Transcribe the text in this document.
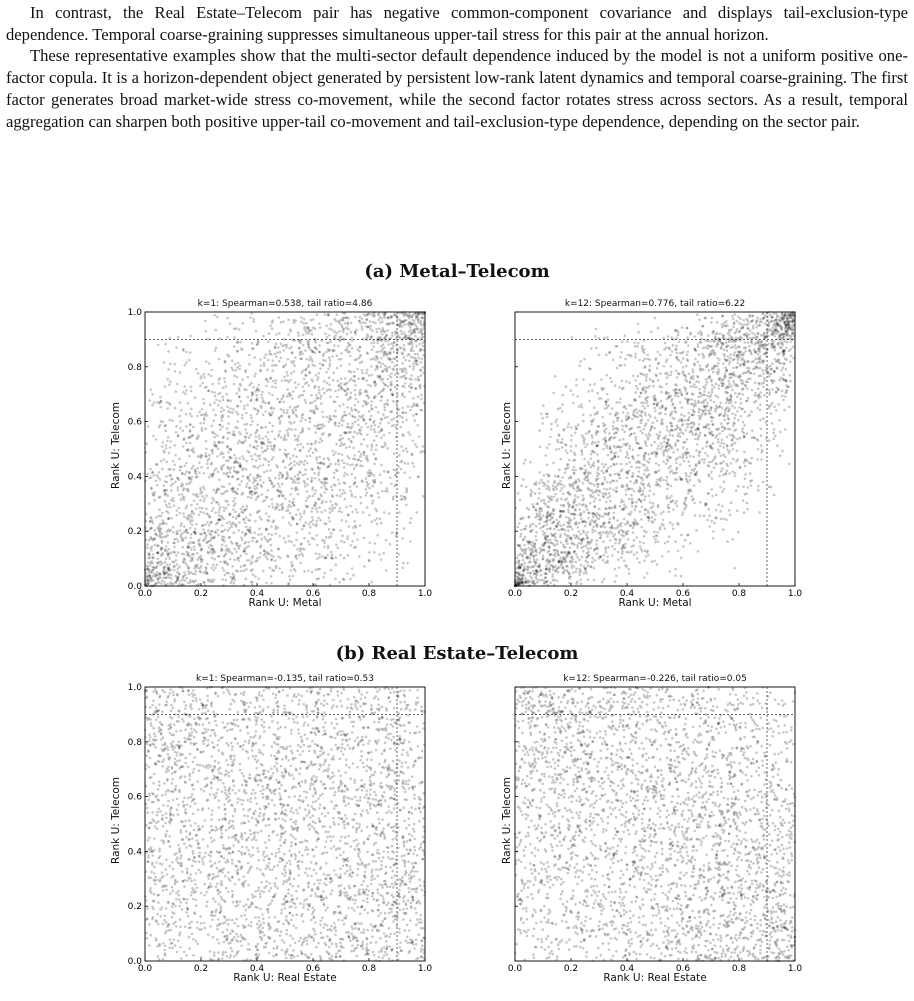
In contrast, the Real Estate–Telecom pair has negative common-component covariance and displays tail-exclusion-type dependence. Temporal coarse-graining suppresses simultaneous upper-tail stress for this pair at the annual horizon.

These representative examples show that the multi-sector default dependence induced by the model is not a uniform positive one-factor copula. It is a horizon-dependent object generated by persistent low-rank latent dynamics and temporal coarse-graining. The first factor generates broad market-wide stress co-movement, while the second factor rotates stress across sectors. As a result, temporal aggregation can sharpen both positive upper-tail co-movement and tail-exclusion-type dependence, depending on the sector pair.

(a) Metal–Telecom
(b) Real Estate–Telecom
k=1: Spearman=0.538, tail ratio=4.86
0.0	0.2	0.4	0.6	0.8	1.0
0.0
0.2
0.4
0.6
0.8
1.0
Rank U: Metal
Rank U: Telecom
k=12: Spearman=0.776, tail ratio=6.22
0.0	0.2	0.4	0.6	0.8	1.0
Rank U: Metal
Rank U: Telecom
k=1: Spearman=-0.135, tail ratio=0.53
0.0	0.2	0.4	0.6	0.8	1.0
0.0
0.2
0.4
0.6
0.8
1.0
Rank U: Real Estate
Rank U: Telecom
k=12: Spearman=-0.226, tail ratio=0.05
0.0	0.2	0.4	0.6	0.8	1.0
Rank U: Real Estate
Rank U: Telecom
